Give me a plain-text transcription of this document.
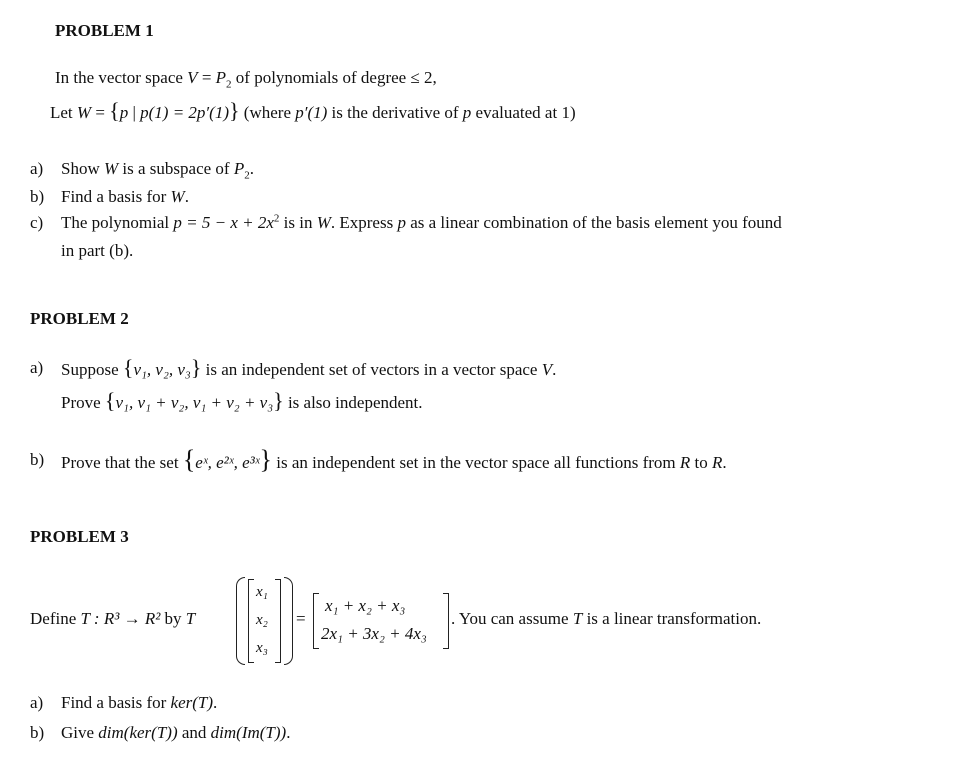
PROBLEM 1
In the vector space $V = P_2$ of polynomials of degree ≤ 2,
Let W = {p | p(1) = 2p′(1)} (where p′(1) is the derivative of p evaluated at 1)
a) Show W is a subspace of $P_2$.
b) Find a basis for W.
c) The polynomial $p = 5 - x + 2x^2$ is in W. Express p as a linear combination of the basis element you found
in part (b).
PROBLEM 2
a) Suppose {v₁, v₂, v₃} is an independent set of vectors in a vector space V.
Prove {v₁, v₁ + v₂, v₁ + v₂ + v₃} is also independent.
b) Prove that the set {eˣ, e²ˣ, e³ˣ} is an independent set in the vector space all functions from R to R.
PROBLEM 3
Define T : R³ → R² by T
x₁
x₂
x₃
=
x₁ + x₂ + x₃
2x₁ + 3x₂ + 4x₃
. You can assume T is a linear transformation.
a) Find a basis for ker(T).
b) Give dim(ker(T)) and dim(Im(T)).
